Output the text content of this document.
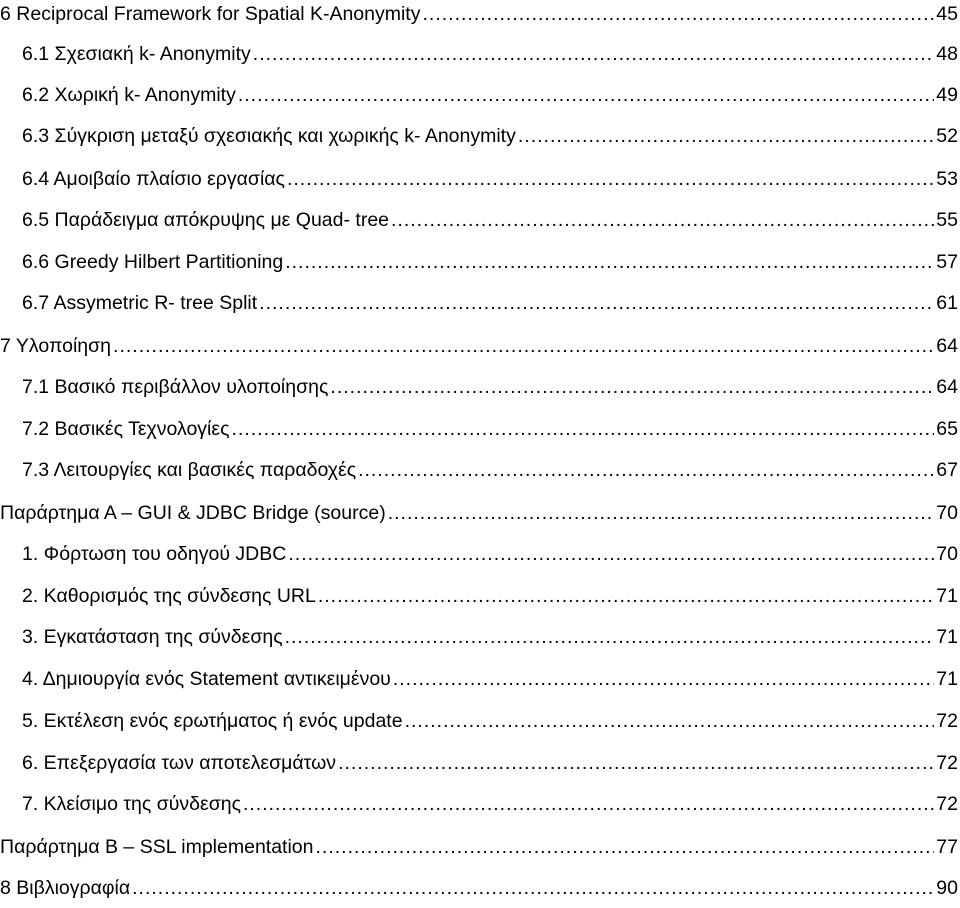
6 Reciprocal Framework for Spatial K-Anonymity .....	45
6.1 Σχεσιακή k- Anonymity .....	48
6.2 Χωρική k- Anonymity .....	49
6.3 Σύγκριση μεταξύ σχεσιακής και χωρικής k- Anonymity .....	52
6.4 Αμοιβαίο πλαίσιο εργασίας .....	53
6.5 Παράδειγμα απόκρυψης με Quad- tree .....	55
6.6 Greedy Hilbert Partitioning .....	57
6.7 Assymetric R- tree Split .....	61
7 Υλοποίηση .....	64
7.1 Βασικό περιβάλλον υλοποίησης .....	64
7.2 Βασικές Τεχνολογίες .....	65
7.3 Λειτουργίες και βασικές παραδοχές .....	67
Παράρτημα Α – GUI & JDBC Bridge (source) .....	70
1. Φόρτωση του οδηγού JDBC .....	70
2. Καθορισμός της σύνδεσης URL .....	71
3. Εγκατάσταση της σύνδεσης .....	71
4. Δημιουργία ενός Statement αντικειμένου .....	71
5. Εκτέλεση ενός ερωτήματος ή ενός update .....	72
6. Επεξεργασία των αποτελεσμάτων .....	72
7. Κλείσιμο της σύνδεσης .....	72
Παράρτημα Β – SSL implementation .....	77
8 Βιβλιογραφία .....	90
